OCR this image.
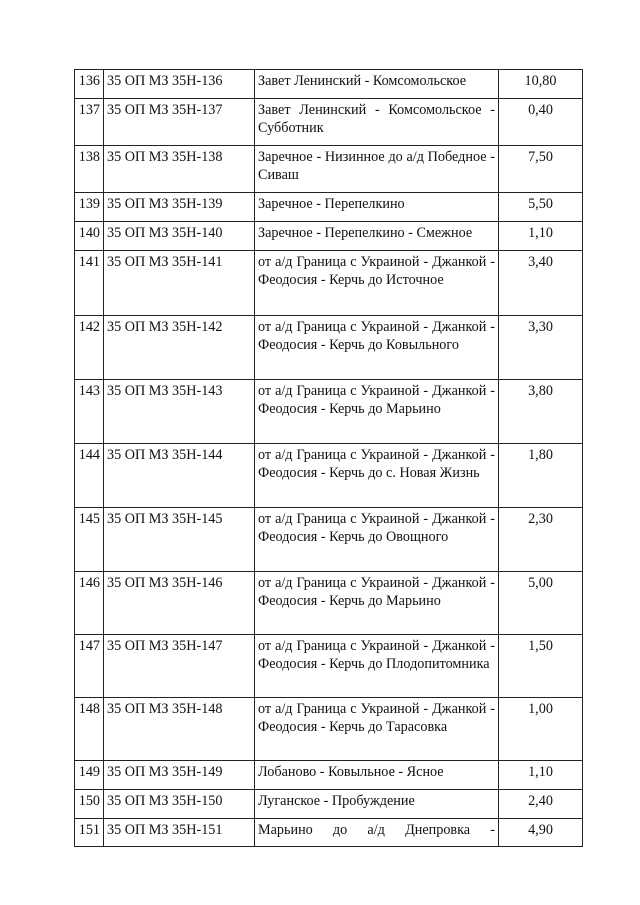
136	35 ОП МЗ 35Н-136	Завет Ленинский - Комсомольское	10,80
137	35 ОП МЗ 35Н-137	Завет Ленинский - Комсомольское - Субботник	0,40
138	35 ОП МЗ 35Н-138	Заречное - Низинное до а/д Победное - Сиваш	7,50
139	35 ОП МЗ 35Н-139	Заречное - Перепелкино	5,50
140	35 ОП МЗ 35Н-140	Заречное - Перепелкино - Смежное	1,10
141	35 ОП МЗ 35Н-141	от а/д Граница с Украиной - Джанкой - Феодосия - Керчь до Источное	3,40
142	35 ОП МЗ 35Н-142	от а/д Граница с Украиной - Джанкой - Феодосия - Керчь до Ковыльного	3,30
143	35 ОП МЗ 35Н-143	от а/д Граница с Украиной - Джанкой - Феодосия - Керчь до Марьино	3,80
144	35 ОП МЗ 35Н-144	от а/д Граница с Украиной - Джанкой - Феодосия - Керчь до с. Новая Жизнь	1,80
145	35 ОП МЗ 35Н-145	от а/д Граница с Украиной - Джанкой - Феодосия - Керчь до Овощного	2,30
146	35 ОП МЗ 35Н-146	от а/д Граница с Украиной - Джанкой - Феодосия - Керчь до Марьино	5,00
147	35 ОП МЗ 35Н-147	от а/д Граница с Украиной - Джанкой - Феодосия - Керчь до Плодопитомника	1,50
148	35 ОП МЗ 35Н-148	от а/д Граница с Украиной - Джанкой - Феодосия - Керчь до Тарасовка	1,00
149	35 ОП МЗ 35Н-149	Лобаново - Ковыльное - Ясное	1,10
150	35 ОП МЗ 35Н-150	Луганское - Пробуждение	2,40
151	35 ОП МЗ 35Н-151	Марьино до а/д Днепровка -	4,90
